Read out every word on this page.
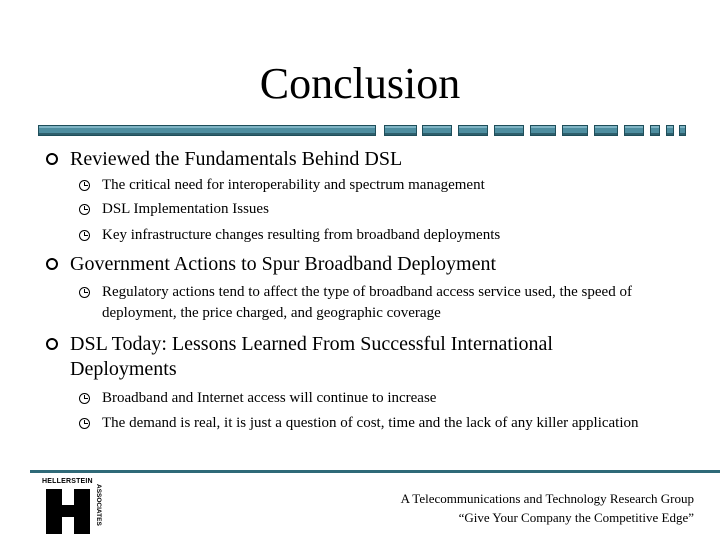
Conclusion
Reviewed the Fundamentals Behind DSL
The critical need for interoperability and spectrum management
DSL Implementation Issues
Key infrastructure changes resulting from broadband deployments
Government Actions to Spur Broadband Deployment
Regulatory actions tend to affect the type of broadband access service used, the speed of deployment, the price charged, and geographic coverage
DSL Today: Lessons Learned From Successful International Deployments
Broadband and Internet access will continue to increase
The demand is real, it is just a question of cost, time and the lack of any killer application
HELLERSTEIN
ASSOCIATES	A Telecommunications and Technology Research Group
“Give Your Company the Competitive Edge”
